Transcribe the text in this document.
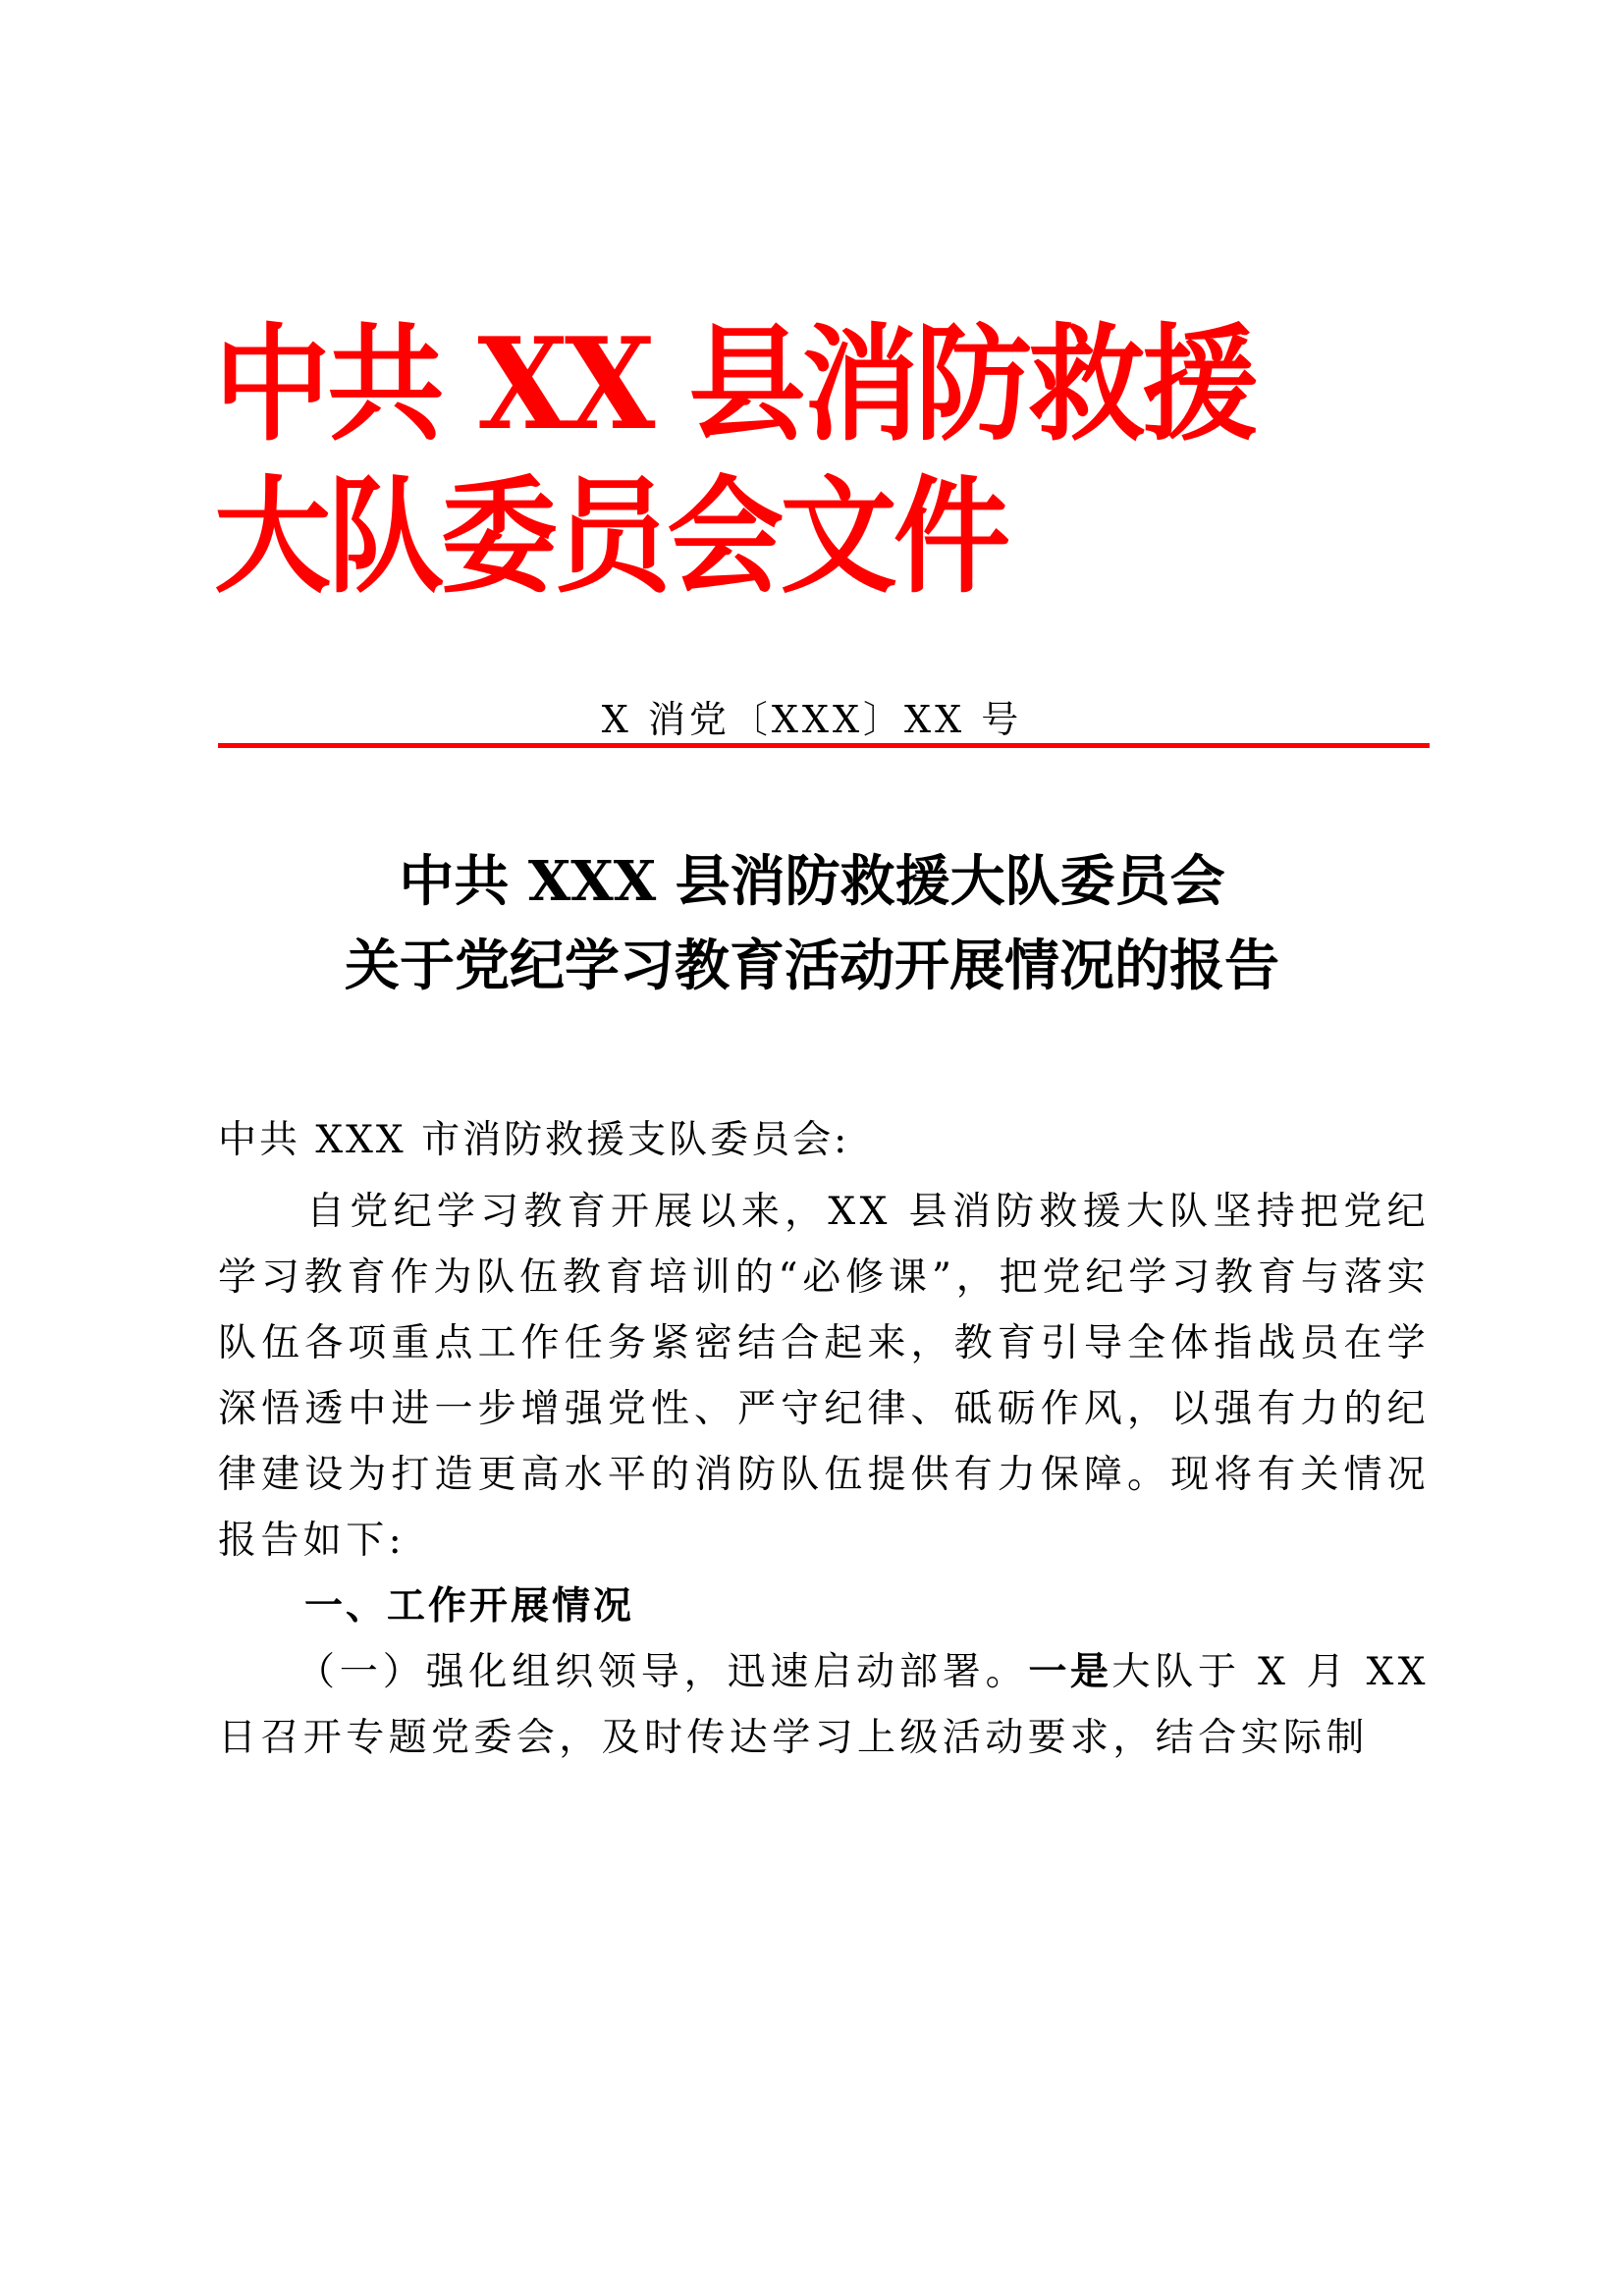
中共 XX 县消防救援大队委员会文件
X 消党〔XXX〕XX 号
中共 XXX 县消防救援大队委员会
关于党纪学习教育活动开展情况的报告

中共 XXX 市消防救援支队委员会:

自党纪学习教育开展以来，XX 县消防救援大队坚持把党纪学习教育作为队伍教育培训的“必修课”，把党纪学习教育与落实队伍各项重点工作任务紧密结合起来，教育引导全体指战员在学深悟透中进一步增强党性、严守纪律、砥砺作风，以强有力的纪律建设为打造更高水平的消防队伍提供有力保障。现将有关情况报告如下:

一、工作开展情况

（一）强化组织领导，迅速启动部署。一是大队于 X 月 XX 日召开专题党委会，及时传达学习上级活动要求，结合实际制
